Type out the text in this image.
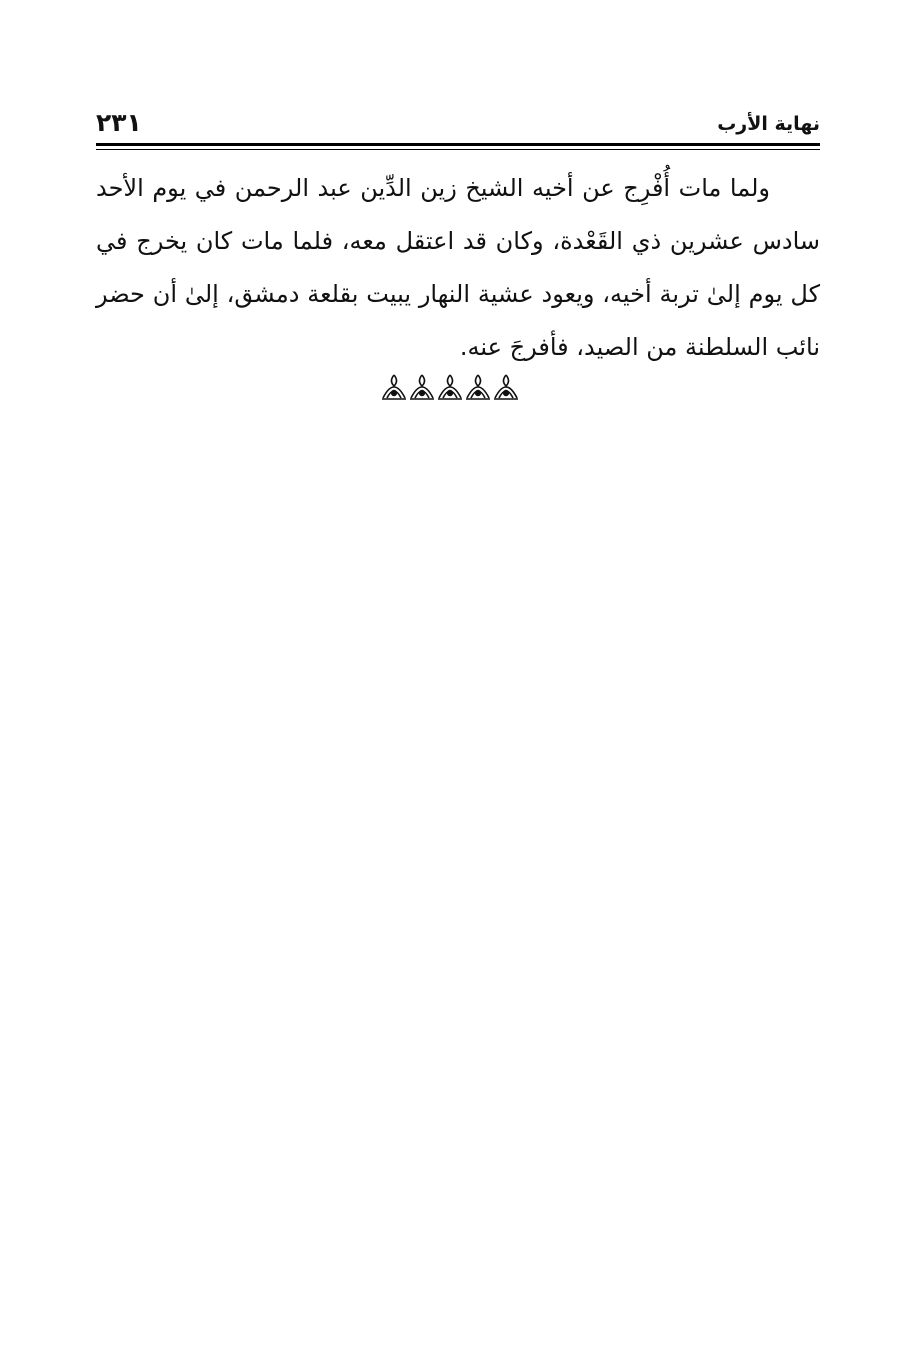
نهاية الأرب
٢٣١

ولما مات أُفْرِج عن أخيه الشيخ زين الدِّين عبد الرحمن في يوم الأحد سادس عشرين ذي القَعْدة، وكان قد اعتقل معه، فلما مات كان يخرج في كل يوم إلىٰ تربة أخيه، ويعود عشية النهار يبيت بقلعة دمشق، إلىٰ أن حضر نائب السلطنة من الصيد، فأفرجَ عنه.
